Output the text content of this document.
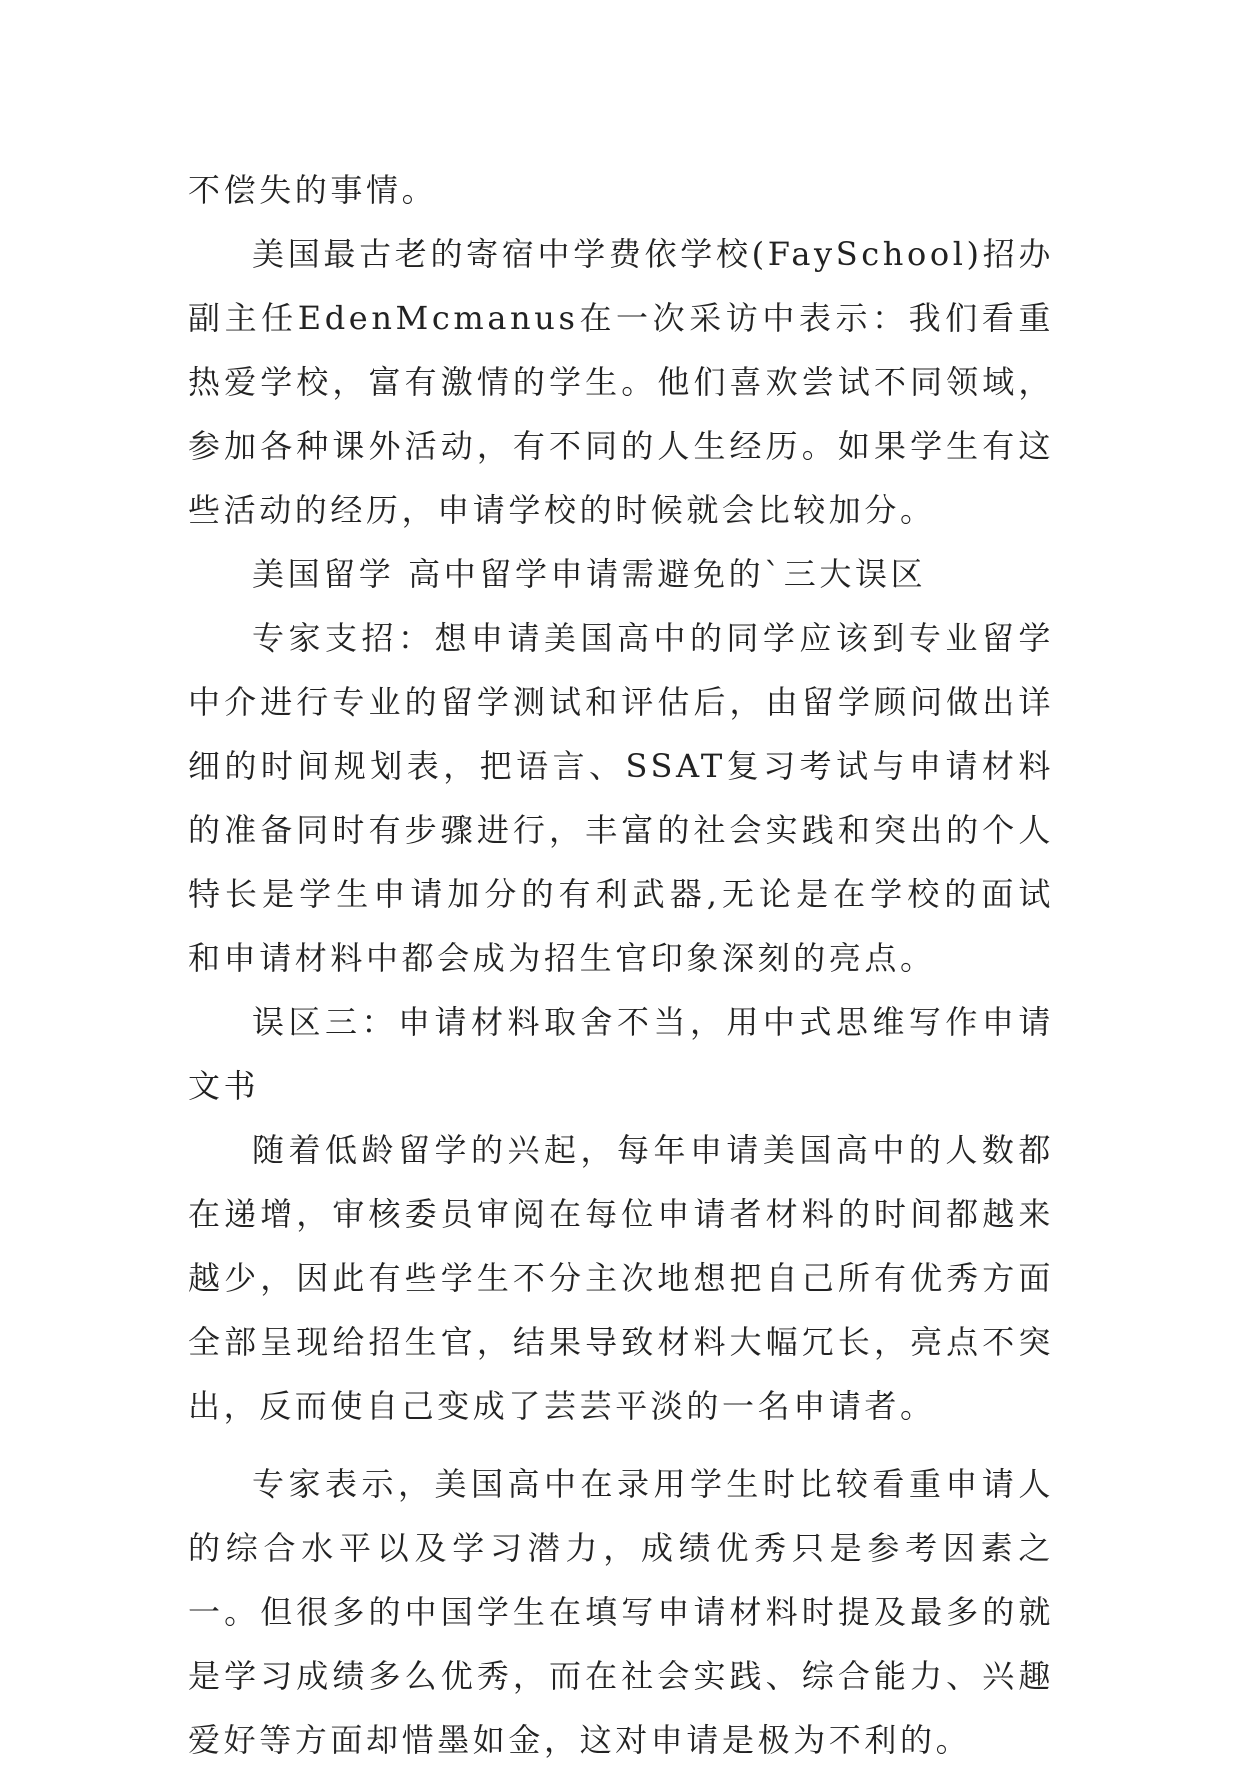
不偿失的事情。

美国最古老的寄宿中学费依学校(FaySchool)招办副主任EdenMcmanus在一次采访中表示：我们看重热爱学校，富有激情的学生。他们喜欢尝试不同领域，参加各种课外活动，有不同的人生经历。如果学生有这些活动的经历，申请学校的时候就会比较加分。

美国留学 高中留学申请需避免的`三大误区

专家支招：想申请美国高中的同学应该到专业留学中介进行专业的留学测试和评估后，由留学顾问做出详细的时间规划表，把语言、SSAT复习考试与申请材料的准备同时有步骤进行，丰富的社会实践和突出的个人特长是学生申请加分的有利武器,无论是在学校的面试和申请材料中都会成为招生官印象深刻的亮点。

误区三：申请材料取舍不当，用中式思维写作申请文书

随着低龄留学的兴起，每年申请美国高中的人数都在递增，审核委员审阅在每位申请者材料的时间都越来越少，因此有些学生不分主次地想把自己所有优秀方面全部呈现给招生官，结果导致材料大幅冗长，亮点不突出，反而使自己变成了芸芸平淡的一名申请者。

专家表示，美国高中在录用学生时比较看重申请人的综合水平以及学习潜力，成绩优秀只是参考因素之一。但很多的中国学生在填写申请材料时提及最多的就是学习成绩多么优秀，而在社会实践、综合能力、兴趣爱好等方面却惜墨如金，这对申请是极为不利的。
